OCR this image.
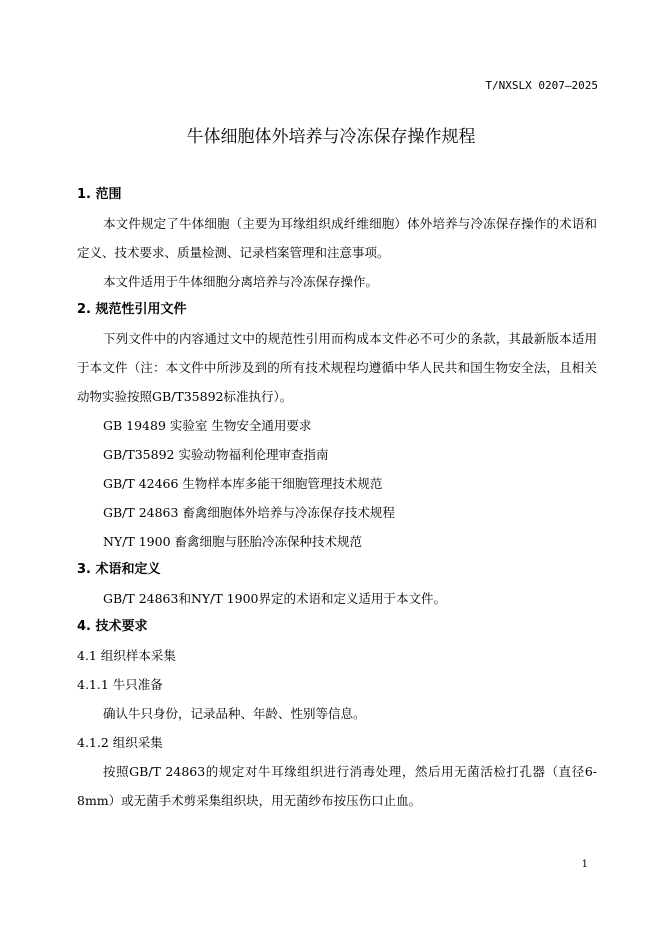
T/NXSLX 0207—2025
牛体细胞体外培养与冷冻保存操作规程
1. 范围
本文件规定了牛体细胞（主要为耳缘组织成纤维细胞）体外培养与冷冻保存操作的术语和定义、技术要求、质量检测、记录档案管理和注意事项。
本文件适用于牛体细胞分离培养与冷冻保存操作。
2. 规范性引用文件
下列文件中的内容通过文中的规范性引用而构成本文件必不可少的条款，其最新版本适用于本文件（注：本文件中所涉及到的所有技术规程均遵循中华人民共和国生物安全法，且相关动物实验按照GB/T35892标准执行）。
GB 19489 实验室 生物安全通用要求
GB/T35892 实验动物福利伦理审查指南
GB/T 42466 生物样本库多能干细胞管理技术规范
GB/T 24863 畜禽细胞体外培养与冷冻保存技术规程
NY/T 1900 畜禽细胞与胚胎冷冻保种技术规范
3. 术语和定义
GB/T 24863和NY/T 1900界定的术语和定义适用于本文件。
4. 技术要求
4.1 组织样本采集
4.1.1 牛只准备
确认牛只身份，记录品种、年龄、性别等信息。
4.1.2 组织采集
按照GB/T 24863的规定对牛耳缘组织进行消毒处理，然后用无菌活检打孔器（直径6-8mm）或无菌手术剪采集组织块，用无菌纱布按压伤口止血。
1
